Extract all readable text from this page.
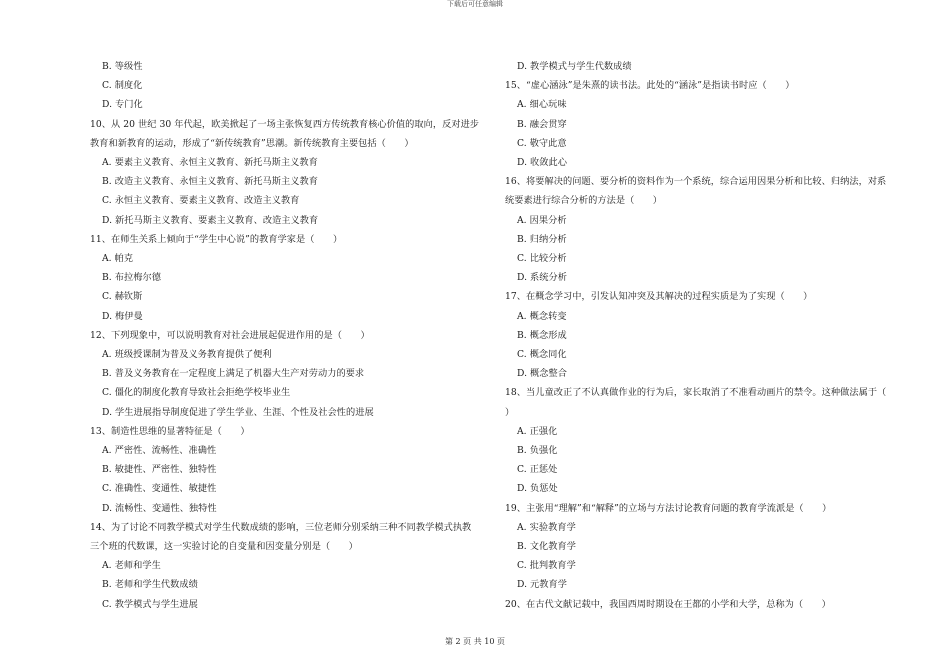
下载后可任意编辑
B. 等级性
C. 制度化
D. 专门化
10、从 20 世纪 30 年代起，欧美掀起了一场主张恢复西方传统教育核心价值的取向，反对进步
教育和新教育的运动，形成了“新传统教育”思潮。新传统教育主要包括（　　）
A. 要素主义教育、永恒主义教育、新托马斯主义教育
B. 改造主义教育、永恒主义教育、新托马斯主义教育
C. 永恒主义教育、要素主义教育、改造主义教育
D. 新托马斯主义教育、要素主义教育、改造主义教育
11、在师生关系上倾向于“学生中心说”的教育学家是（　　）
A. 帕克
B. 布拉梅尔德
C. 赫钦斯
D. 梅伊曼
12、下列现象中，可以说明教育对社会进展起促进作用的是（　　）
A. 班级授课制为普及义务教育提供了便利
B. 普及义务教育在一定程度上满足了机器大生产对劳动力的要求
C. 僵化的制度化教育导致社会拒绝学校毕业生
D. 学生进展指导制度促进了学生学业、生涯、个性及社会性的进展
13、制造性思维的显著特征是（　　）
A. 严密性、流畅性、准确性
B. 敏捷性、严密性、独特性
C. 准确性、变通性、敏捷性
D. 流畅性、变通性、独特性
14、为了讨论不同教学模式对学生代数成绩的影响，三位老师分别采纳三种不同教学模式执教
三个班的代数课，这一实验讨论的自变量和因变量分别是（　　）
A. 老师和学生
B. 老师和学生代数成绩
C. 教学模式与学生进展
D. 教学模式与学生代数成绩
15、“虚心涵泳”是朱熹的读书法。此处的“涵泳”是指读书时应（　　）
A. 细心玩味
B. 融会贯穿
C. 敬守此意
D. 收敛此心
16、将要解决的问题、要分析的资料作为一个系统，综合运用因果分析和比较、归纳法，对系
统要素进行综合分析的方法是（　　）
A. 因果分析
B. 归纳分析
C. 比较分析
D. 系统分析
17、在概念学习中，引发认知冲突及其解决的过程实质是为了实现（　　）
A. 概念转变
B. 概念形成
C. 概念同化
D. 概念整合
18、当儿童改正了不认真做作业的行为后，家长取消了不准看动画片的禁令。这种做法属于（
）
A. 正强化
B. 负强化
C. 正惩处
D. 负惩处
19、主张用“理解”和“解释”的立场与方法讨论教育问题的教育学流派是（　　）
A. 实验教育学
B. 文化教育学
C. 批判教育学
D. 元教育学
20、在古代文献记载中，我国西周时期设在王都的小学和大学，总称为（　　）
第 2 页 共 10 页
